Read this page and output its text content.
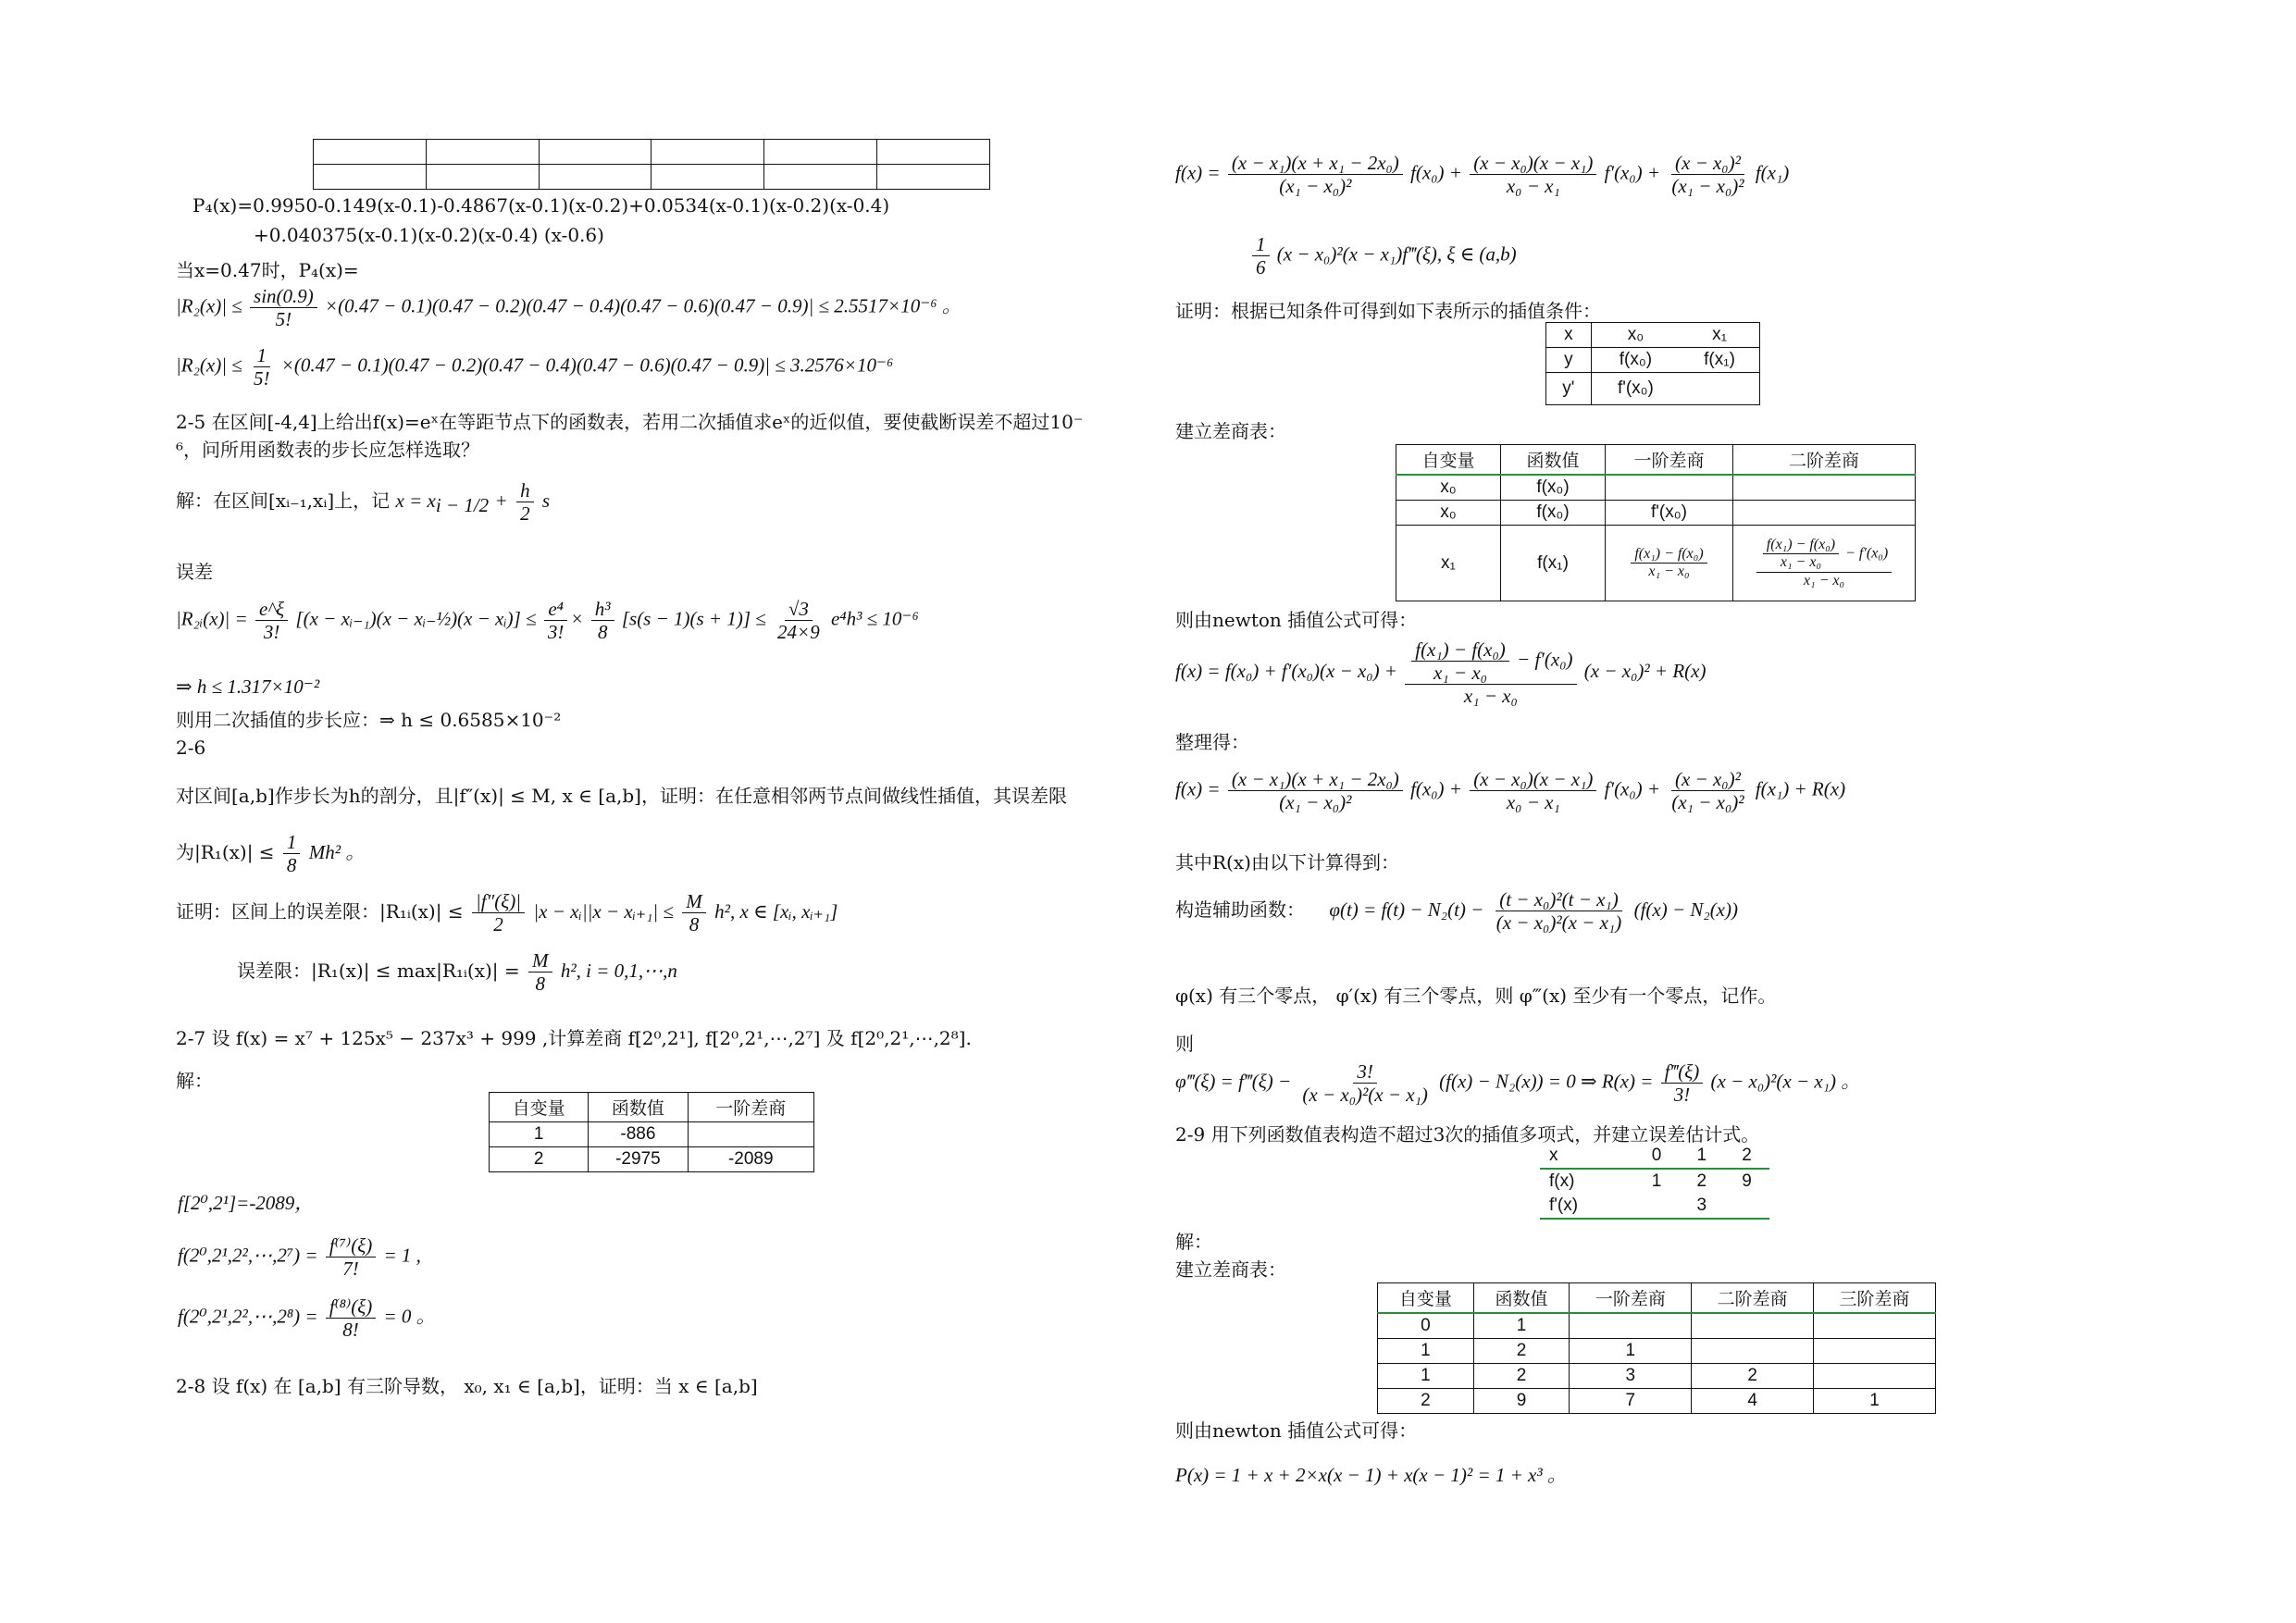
P₄(x)=0.9950-0.149(x-0.1)-0.4867(x-0.1)(x-0.2)+0.0534(x-0.1)(x-0.2)(x-0.4)
+0.040375(x-0.1)(x-0.2)(x-0.4) (x-0.6)
当x=0.47时，P₄(x)=
$|R_2(x)| \le \frac{\sin(0.9)}{5!} \times(0.47 - 0.1)(0.47 - 0.2)(0.47 - 0.4)(0.47 - 0.6)(0.47 - 0.9)| \le 2.5517\times 10^{-6}$ 。
$|R_2(x)| \le \frac{1}{5!} \times(0.47 - 0.1)(0.47 - 0.2)(0.47 - 0.4)(0.47 - 0.6)(0.47 - 0.9)| \le 3.2576\times 10^{-6}$
2-5 在区间[-4,4]上给出f(x)=eˣ在等距节点下的函数表，若用二次插值求eˣ的近似值，要使截断误差不超过10⁻
⁶，问所用函数表的步长应怎样选取？
解：在区间[xᵢ₋₁,xᵢ]上，记 $x = x_{i - 1/2} + \frac{h}{2}$ s
误差
|R₂ᵢ(x)| = $\frac{e\^{}\xi}{3!} [(x$ − xᵢ₋₁)(x − xᵢ₋½)(x − xᵢ)] ≤ $\frac{\text{e⁴}}{3!} \times \frac{\text{h³}}{8} [s(s - 1)(s + 1)] \le \frac{√3}{24\times 9} e^4h^3 \le 10^{-6}$
⇒ h ≤ 1.317×10⁻²
则用二次插值的步长应：⇒ h ≤ 0.6585×10⁻²
2-6
对区间[a,b]作步长为h的剖分，且|f″(x)| ≤ M, x ∈ [a,b]，证明：在任意相邻两节点间做线性插值，其误差限
为$|R_1(x)| \le \frac{1}{8} Mh^2$ 。
证明：区间上的误差限：|R₁ᵢ(x)| ≤ $\frac{|f''(\xi)|}{2} |x$ − xᵢ||x − xᵢ₊₁| ≤ $\frac{M}{8} h^2$, x ∈ [xᵢ, xᵢ₊₁]
误差限：|R₁(x)| ≤ max|R₁ᵢ(x)| = $\frac{M}{8} h^2$, i = 0,1,⋯,n
2-7 设 f(x) = x⁷ + 125x⁵ − 237x³ + 999 ,计算差商 f[2⁰,2¹], f[2⁰,2¹,⋯,2⁷] 及 f[2⁰,2¹,⋯,2⁸].
解：
自变量	函数值	一阶差商
1	-886	
2	-2975	-2089
f[2⁰,2¹]=-2089，
f(2⁰,2¹,2²,⋯,2⁷) = $\frac{\text{f⁽⁷⁾(ξ)}}{7!} = 1$ ,
f(2⁰,2¹,2²,⋯,2⁸) = $\frac{\text{f⁽⁸⁾(ξ)}}{8!} = 0$ 。
2-8 设 f(x) 在 [a,b] 有三阶导数， x₀, x₁ ∈ [a,b]，证明：当 x ∈ [a,b]
$f(x) = \frac{\text{(x − x₁)(x + x₁ − 2x₀)}}{\text{(x₁ − x₀)²}} f(x_0) + \frac{\text{(x − x₀)(x − x₁)}}{\text{x₀ − x₁}} f'(x_0) + \frac{\text{(x − x₀)²}}{\text{(x₁ − x₀)²}} f(x_1)$
$\frac{1}{6} (x - x_0)^2(x$ − x₁)f‴(ξ), ξ ∈ (a,b)
证明：根据已知条件可得到如下表所示的插值条件：
x	x₀	x₁
y	f(x₀)	f(x₁)
y'	f'(x₀)	
建立差商表：
自变量	函数值	一阶差商	二阶差商
x₀	f(x₀)		
x₀	f(x₀)	f'(x₀)	
x₁	f(x₁)	$\frac{\text{f(x₁) − f(x₀)}}{\text{x₁ − x₀}}$	$\frac{\frac{\text{f(x₁) − f(x₀)}}{\text{x₁ − x₀}} - f'(x_0)}{\text{x₁ − x₀}}$
则由newton 插值公式可得：
$f(x) = f(x_0) + f'(x_0)(x - x_0) + \frac{\frac{\text{f(x₁) − f(x₀)}}{\text{x₁ − x₀}} - f'(x_0)}{\text{x₁ − x₀}} (x - x_0)^2 + R(x)$
整理得：
$f(x) = \frac{\text{(x − x₁)(x + x₁ − 2x₀)}}{\text{(x₁ − x₀)²}} f(x_0) + \frac{\text{(x − x₀)(x − x₁)}}{\text{x₀ − x₁}} f'(x_0) + \frac{\text{(x − x₀)²}}{\text{(x₁ − x₀)²}} f(x_1) + R(x)$
其中R(x)由以下计算得到：
构造辅助函数： $\varphi(t) = f(t) - N_2(t) - \frac{\text{(t − x₀)²(t − x₁)}}{\text{(x − x₀)²(x − x₁)}} (f(x) - N_2(x))$
φ(x) 有三个零点， φ′(x) 有三个零点，则 φ‴(x) 至少有一个零点，记作。
则
φ‴(ξ) = f‴(ξ) − $\frac{3!}{\text{(x − x₀)²(x − x₁)}} (f(x) - N_2(x)) = 0$ ⇒ $R(x) = \frac{f‴(\xi)}{3!} (x - x_0)^2(x - x_1)$ 。
2-9 用下列函数值表构造不超过3次的插值多项式，并建立误差估计式。
x	0	1	2
f(x)	1	2	9
f'(x)		3	
解：
建立差商表：
自变量	函数值	一阶差商	二阶差商	三阶差商
0	1			
1	2	1		
1	2	3	2	
2	9	7	4	1
则由newton 插值公式可得：
P(x) = 1 + x + 2×x(x − 1) + x(x − 1)² = 1 + x³ 。
